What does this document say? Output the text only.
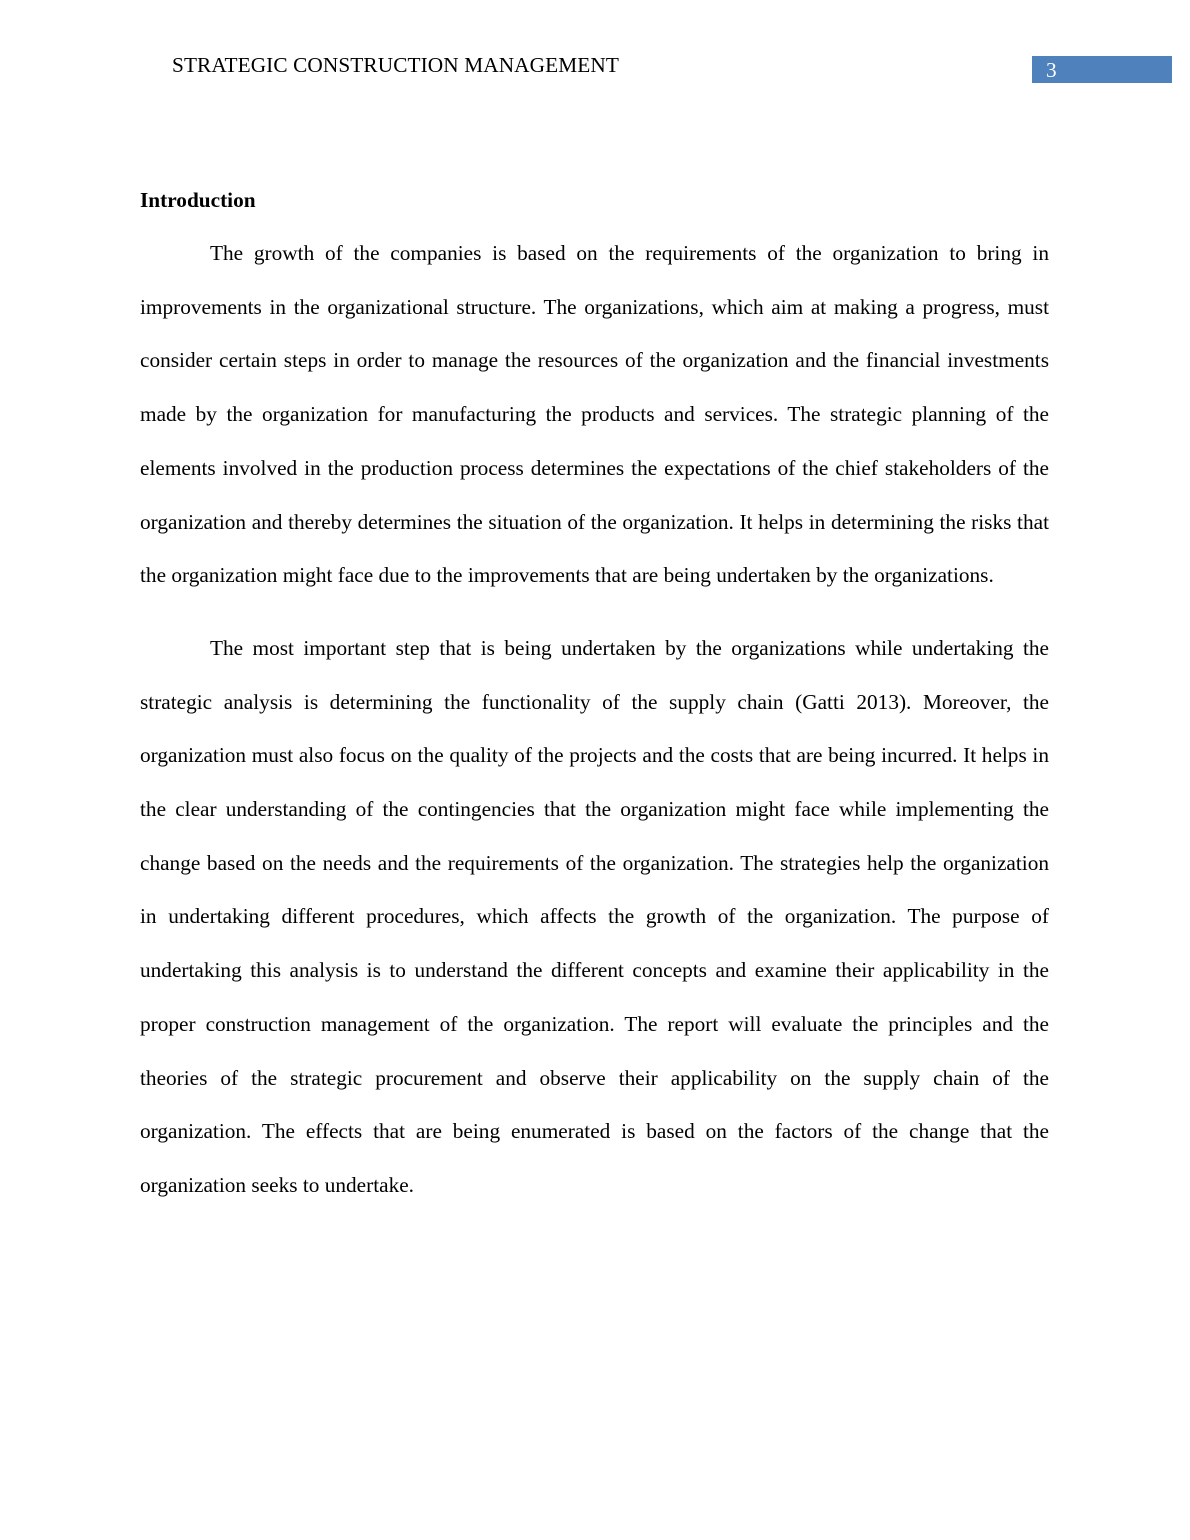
STRATEGIC CONSTRUCTION MANAGEMENT	3
Introduction

The growth of the companies is based on the requirements of the organization to bring in improvements in the organizational structure. The organizations, which aim at making a progress, must consider certain steps in order to manage the resources of the organization and the financial investments made by the organization for manufacturing the products and services. The strategic planning of the elements involved in the production process determines the expectations of the chief stakeholders of the organization and thereby determines the situation of the organization. It helps in determining the risks that the organization might face due to the improvements that are being undertaken by the organizations.

The most important step that is being undertaken by the organizations while undertaking the strategic analysis is determining the functionality of the supply chain (Gatti 2013). Moreover, the organization must also focus on the quality of the projects and the costs that are being incurred. It helps in the clear understanding of the contingencies that the organization might face while implementing the change based on the needs and the requirements of the organization. The strategies help the organization in undertaking different procedures, which affects the growth of the organization. The purpose of undertaking this analysis is to understand the different concepts and examine their applicability in the proper construction management of the organization. The report will evaluate the principles and the theories of the strategic procurement and observe their applicability on the supply chain of the organization. The effects that are being enumerated is based on the factors of the change that the organization seeks to undertake.
